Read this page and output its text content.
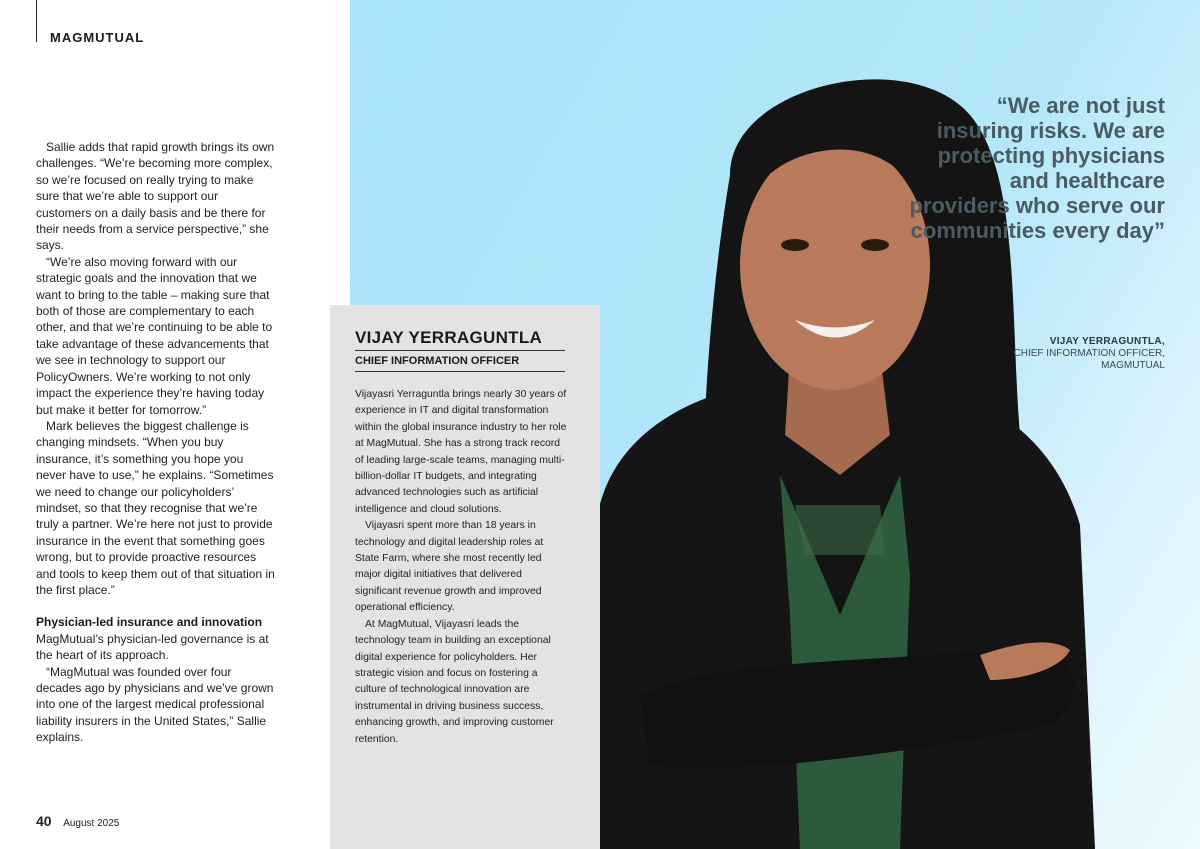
MAGMUTUAL

Sallie adds that rapid growth brings its own challenges. “We’re becoming more complex, so we’re focused on really trying to make sure that we’re able to support our customers on a daily basis and be there for their needs from a service perspective,” she says.

“We’re also moving forward with our strategic goals and the innovation that we want to bring to the table – making sure that both of those are complementary to each other, and that we’re continuing to be able to take advantage of these advancements that we see in technology to support our PolicyOwners. We’re working to not only impact the experience they’re having today but make it better for tomorrow.”

Mark believes the biggest challenge is changing mindsets. “When you buy insurance, it’s something you hope you never have to use,” he explains. “Sometimes we need to change our policyholders’ mindset, so that they recognise that we’re truly a partner. We’re here not just to provide insurance in the event that something goes wrong, but to provide proactive resources and tools to keep them out of that situation in the first place.”

Physician-led insurance and innovation

MagMutual’s physician-led governance is at the heart of its approach.

“MagMutual was founded over four decades ago by physicians and we’ve grown into one of the largest medical professional liability insurers in the United States,” Sallie explains.

40 August 2025
“We are not just insuring risks. We are protecting physicians and healthcare providers who serve our communities every day”
VIJAY YERRAGUNTLA,
CHIEF INFORMATION OFFICER,
MAGMUTUAL
VIJAY YERRAGUNTLA
CHIEF INFORMATION OFFICER

Vijayasri Yerraguntla brings nearly 30 years of experience in IT and digital transformation within the global insurance industry to her role at MagMutual. She has a strong track record of leading large-scale teams, managing multi-billion-dollar IT budgets, and integrating advanced technologies such as artificial intelligence and cloud solutions.

Vijayasri spent more than 18 years in technology and digital leadership roles at State Farm, where she most recently led major digital initiatives that delivered significant revenue growth and improved operational efficiency.

At MagMutual, Vijayasri leads the technology team in building an exceptional digital experience for policyholders. Her strategic vision and focus on fostering a culture of technological innovation are instrumental in driving business success, enhancing growth, and improving customer retention.
